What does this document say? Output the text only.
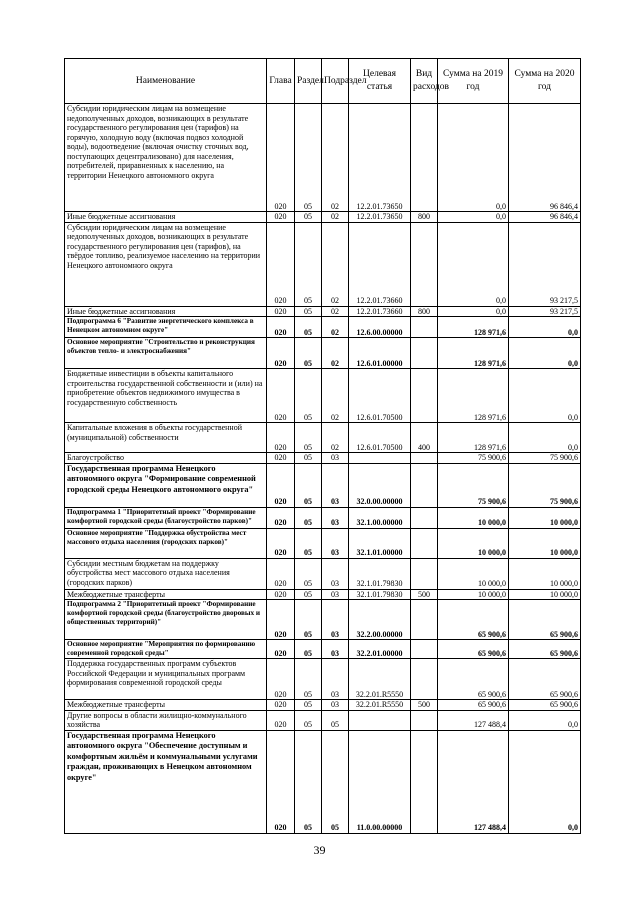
Наименование	Глава	Раздел	Подраздел	Целевая статья	Вид расходов	Сумма на 2019 год	Сумма на 2020 год
Субсидии юридическим лицам на возмещение недополученных доходов, возникающих в результате государственного регулирования цен (тарифов) на горячую, холодную воду (включая подвоз холодной воды), водоотведение (включая очистку сточных вод, поступающих децентрализовано) для населения, потребителей, приравненных к населению, на территории Ненецкого автономного округа	020	05	02	12.2.01.73650		0,0	96 846,4
Иные бюджетные ассигнования	020	05	02	12.2.01.73650	800	0,0	96 846,4
Субсидии юридическим лицам на возмещение недополученных доходов, возникающих в результате государственного регулирования цен (тарифов), на твёрдое топливо, реализуемое населению на территории Ненецкого автономного округа	020	05	02	12.2.01.73660		0,0	93 217,5
Иные бюджетные ассигнования	020	05	02	12.2.01.73660	800	0,0	93 217,5
Подпрограмма 6 "Развитие энергетического комплекса в Ненецком автономном округе"	020	05	02	12.6.00.00000		128 971,6	0,0
Основное мероприятие "Строительство и реконструкция объектов тепло- и электроснабжения"	020	05	02	12.6.01.00000		128 971,6	0,0
Бюджетные инвестиции в объекты капитального строительства государственной собственности и (или) на приобретение объектов недвижимого имущества в государственную собственность	020	05	02	12.6.01.70500		128 971,6	0,0
Капитальные вложения в объекты государственной (муниципальной) собственности	020	05	02	12.6.01.70500	400	128 971,6	0,0
Благоустройство	020	05	03			75 900,6	75 900,6
Государственная программа Ненецкого автономного округа "Формирование современной городской среды Ненецкого автономного округа"	020	05	03	32.0.00.00000		75 900,6	75 900,6
Подпрограмма 1 "Приоритетный проект "Формирование комфортной городской среды (благоустройство парков)"	020	05	03	32.1.00.00000		10 000,0	10 000,0
Основное мероприятие "Поддержка обустройства мест массового отдыха населения (городских парков)"	020	05	03	32.1.01.00000		10 000,0	10 000,0
Субсидии местным бюджетам на поддержку обустройства мест массового отдыха населения (городских парков)	020	05	03	32.1.01.79830		10 000,0	10 000,0
Межбюджетные трансферты	020	05	03	32.1.01.79830	500	10 000,0	10 000,0
Подпрограмма 2 "Приоритетный проект "Формирование комфортной городской среды (благоустройство дворовых и общественных территорий)"	020	05	03	32.2.00.00000		65 900,6	65 900,6
Основное мероприятие "Мероприятия по формированию современной городской среды"	020	05	03	32.2.01.00000		65 900,6	65 900,6
Поддержка государственных программ субъектов Российской Федерации и муниципальных программ формирования современной городской среды	020	05	03	32.2.01.R5550		65 900,6	65 900,6
Межбюджетные трансферты	020	05	03	32.2.01.R5550	500	65 900,6	65 900,6
Другие вопросы в области жилищно-коммунального хозяйства	020	05	05			127 488,4	0,0
Государственная программа Ненецкого автономного округа "Обеспечение доступным и комфортным жильём и коммунальными услугами граждан, проживающих в Ненецком автономном округе"	020	05	05	11.0.00.00000		127 488,4	0,0
39
